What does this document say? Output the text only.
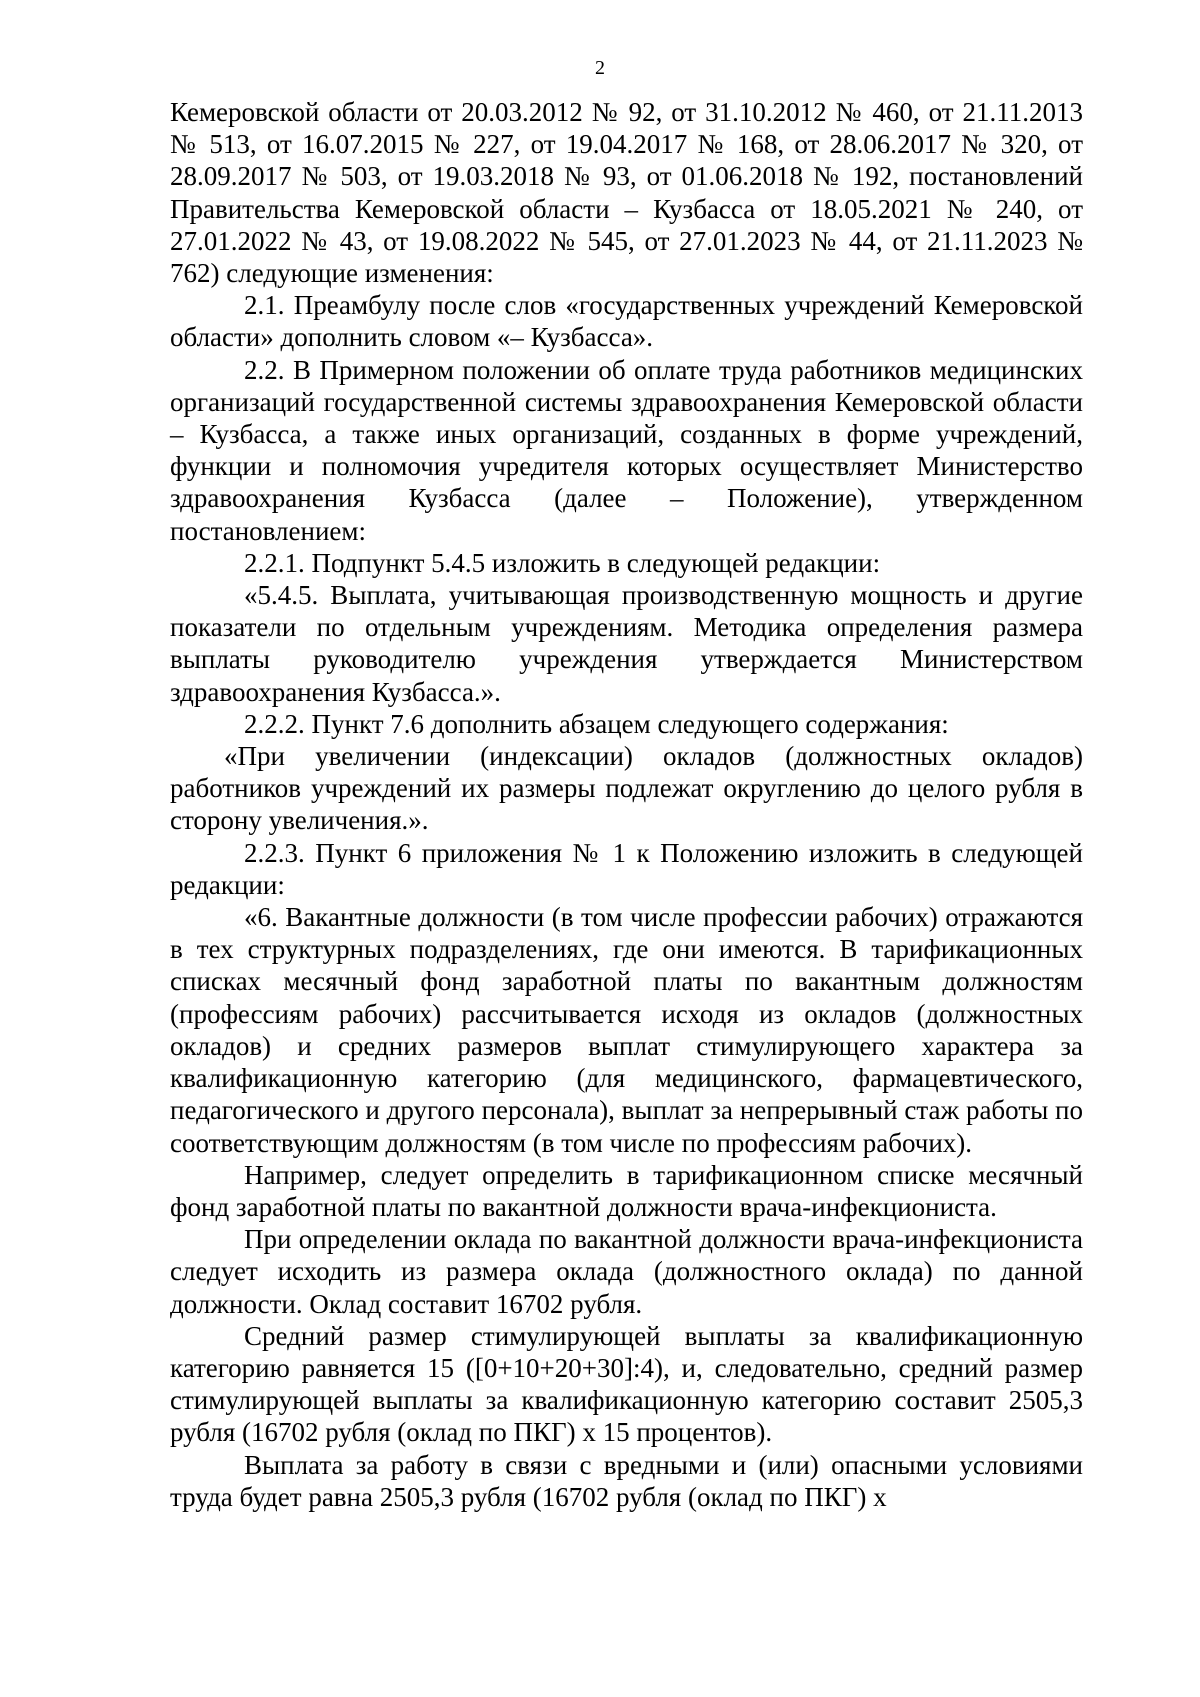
2

Кемеровской области от 20.03.2012 № 92, от 31.10.2012 № 460, от 21.11.2013 № 513, от 16.07.2015 № 227, от 19.04.2017 № 168, от 28.06.2017 № 320, от 28.09.2017 № 503, от 19.03.2018 № 93, от 01.06.2018 № 192, постановлений Правительства Кемеровской области – Кузбасса от 18.05.2021 № 240, от 27.01.2022 № 43, от 19.08.2022 № 545, от 27.01.2023 № 44, от 21.11.2023 № 762) следующие изменения:

2.1. Преамбулу после слов «государственных учреждений Кемеровской области» дополнить словом «– Кузбасса».

2.2. В Примерном положении об оплате труда работников медицинских организаций государственной системы здравоохранения Кемеровской области – Кузбасса, а также иных организаций, созданных в форме учреждений, функции и полномочия учредителя которых осуществляет Министерство здравоохранения Кузбасса (далее – Положение), утвержденном постановлением:

2.2.1. Подпункт 5.4.5 изложить в следующей редакции:

«5.4.5. Выплата, учитывающая производственную мощность и другие показатели по отдельным учреждениям. Методика определения размера выплаты руководителю учреждения утверждается Министерством здравоохранения Кузбасса.».

2.2.2. Пункт 7.6 дополнить абзацем следующего содержания:

«При увеличении (индексации) окладов (должностных окладов) работников учреждений их размеры подлежат округлению до целого рубля в сторону увеличения.».

2.2.3. Пункт 6 приложения № 1 к Положению изложить в следующей редакции:

«6. Вакантные должности (в том числе профессии рабочих) отражаются в тех структурных подразделениях, где они имеются. В тарификационных списках месячный фонд заработной платы по вакантным должностям (профессиям рабочих) рассчитывается исходя из окладов (должностных окладов) и средних размеров выплат стимулирующего характера за квалификационную категорию (для медицинского, фармацевтического, педагогического и другого персонала), выплат за непрерывный стаж работы по соответствующим должностям (в том числе по профессиям рабочих).

Например, следует определить в тарификационном списке месячный фонд заработной платы по вакантной должности врача-инфекциониста.

При определении оклада по вакантной должности врача-инфекциониста следует исходить из размера оклада (должностного оклада) по данной должности. Оклад составит 16702 рубля.

Средний размер стимулирующей выплаты за квалификационную категорию равняется 15 ([0+10+20+30]:4), и, следовательно, средний размер стимулирующей выплаты за квалификационную категорию составит 2505,3 рубля (16702 рубля (оклад по ПКГ) х 15 процентов).

Выплата за работу в связи с вредными и (или) опасными условиями труда будет равна 2505,3 рубля (16702 рубля (оклад по ПКГ) х
